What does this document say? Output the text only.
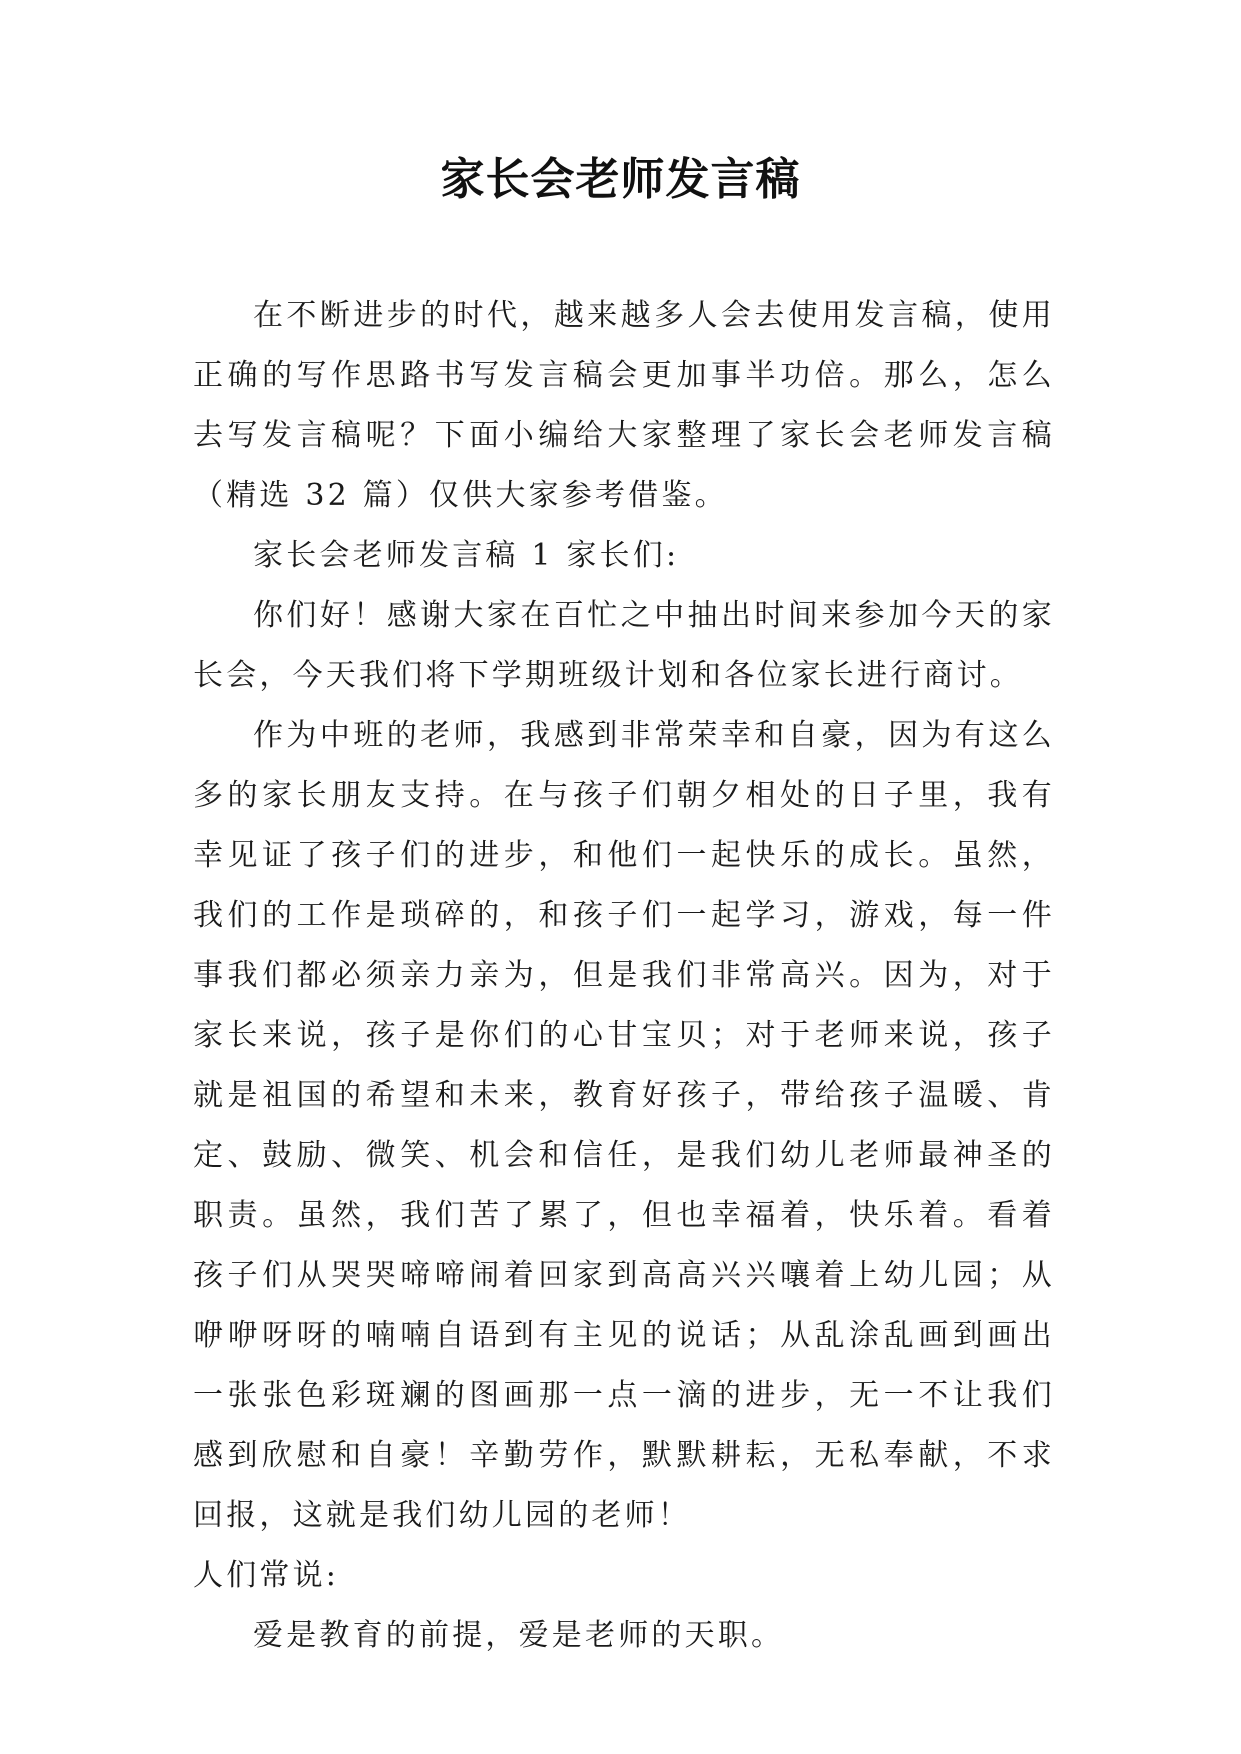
家长会老师发言稿

在不断进步的时代，越来越多人会去使用发言稿，使用正确的写作思路书写发言稿会更加事半功倍。那么，怎么去写发言稿呢？下面小编给大家整理了家长会老师发言稿（精选 32 篇）仅供大家参考借鉴。

家长会老师发言稿 1 家长们:

你们好！感谢大家在百忙之中抽出时间来参加今天的家长会，今天我们将下学期班级计划和各位家长进行商讨。

作为中班的老师，我感到非常荣幸和自豪，因为有这么多的家长朋友支持。在与孩子们朝夕相处的日子里，我有幸见证了孩子们的进步，和他们一起快乐的成长。虽然，我们的工作是琐碎的，和孩子们一起学习，游戏，每一件事我们都必须亲力亲为，但是我们非常高兴。因为，对于家长来说，孩子是你们的心甘宝贝；对于老师来说，孩子就是祖国的希望和未来，教育好孩子，带给孩子温暖、肯定、鼓励、微笑、机会和信任，是我们幼儿老师最神圣的职责。虽然，我们苦了累了，但也幸福着，快乐着。看着孩子们从哭哭啼啼闹着回家到高高兴兴嚷着上幼儿园；从咿咿呀呀的喃喃自语到有主见的说话；从乱涂乱画到画出一张张色彩斑斓的图画那一点一滴的进步，无一不让我们感到欣慰和自豪！辛勤劳作，默默耕耘，无私奉献，不求回报，这就是我们幼儿园的老师！

人们常说:

爱是教育的前提，爱是老师的天职。
